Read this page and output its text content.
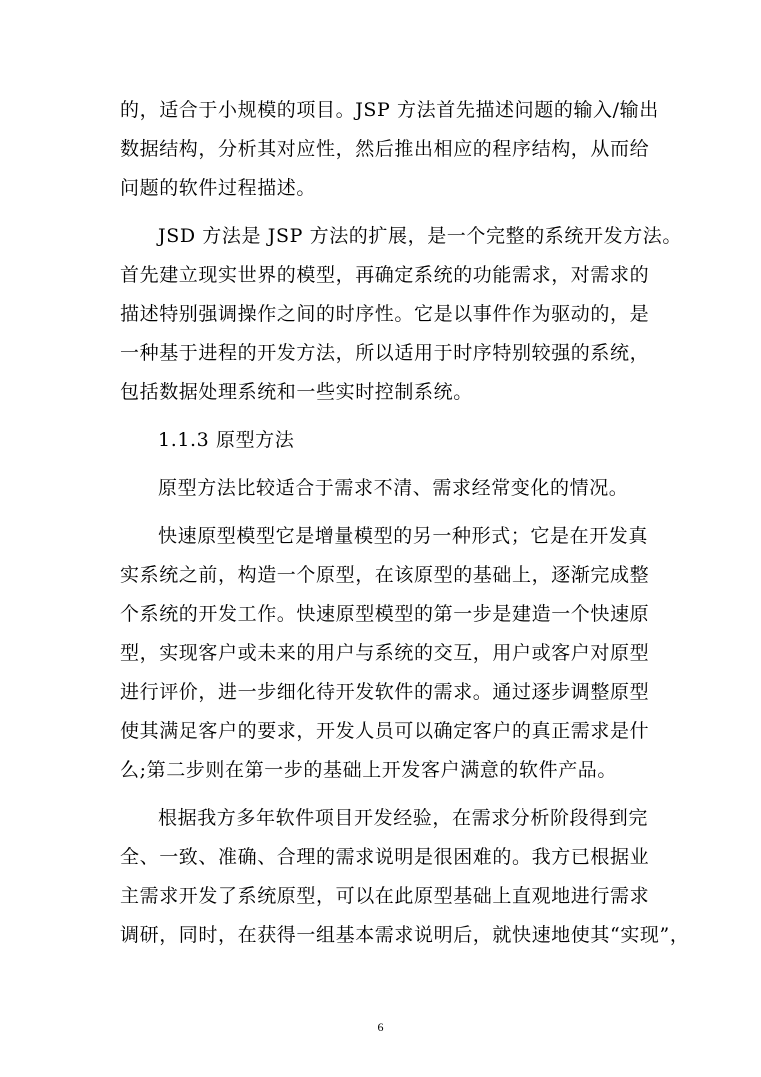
的，适合于小规模的项目。JSP 方法首先描述问题的输入/输出
数据结构，分析其对应性，然后推出相应的程序结构，从而给
问题的软件过程描述。
JSD 方法是 JSP 方法的扩展，是一个完整的系统开发方法。
首先建立现实世界的模型，再确定系统的功能需求，对需求的
描述特别强调操作之间的时序性。它是以事件作为驱动的，是
一种基于进程的开发方法，所以适用于时序特别较强的系统，
包括数据处理系统和一些实时控制系统。
1.1.3 原型方法
原型方法比较适合于需求不清、需求经常变化的情况。
快速原型模型它是增量模型的另一种形式；它是在开发真
实系统之前，构造一个原型，在该原型的基础上，逐渐完成整
个系统的开发工作。快速原型模型的第一步是建造一个快速原
型，实现客户或未来的用户与系统的交互，用户或客户对原型
进行评价，进一步细化待开发软件的需求。通过逐步调整原型
使其满足客户的要求，开发人员可以确定客户的真正需求是什
么;第二步则在第一步的基础上开发客户满意的软件产品。
根据我方多年软件项目开发经验，在需求分析阶段得到完
全、一致、准确、合理的需求说明是很困难的。我方已根据业
主需求开发了系统原型，可以在此原型基础上直观地进行需求
调研，同时，在获得一组基本需求说明后，就快速地使其“实现”，
6
